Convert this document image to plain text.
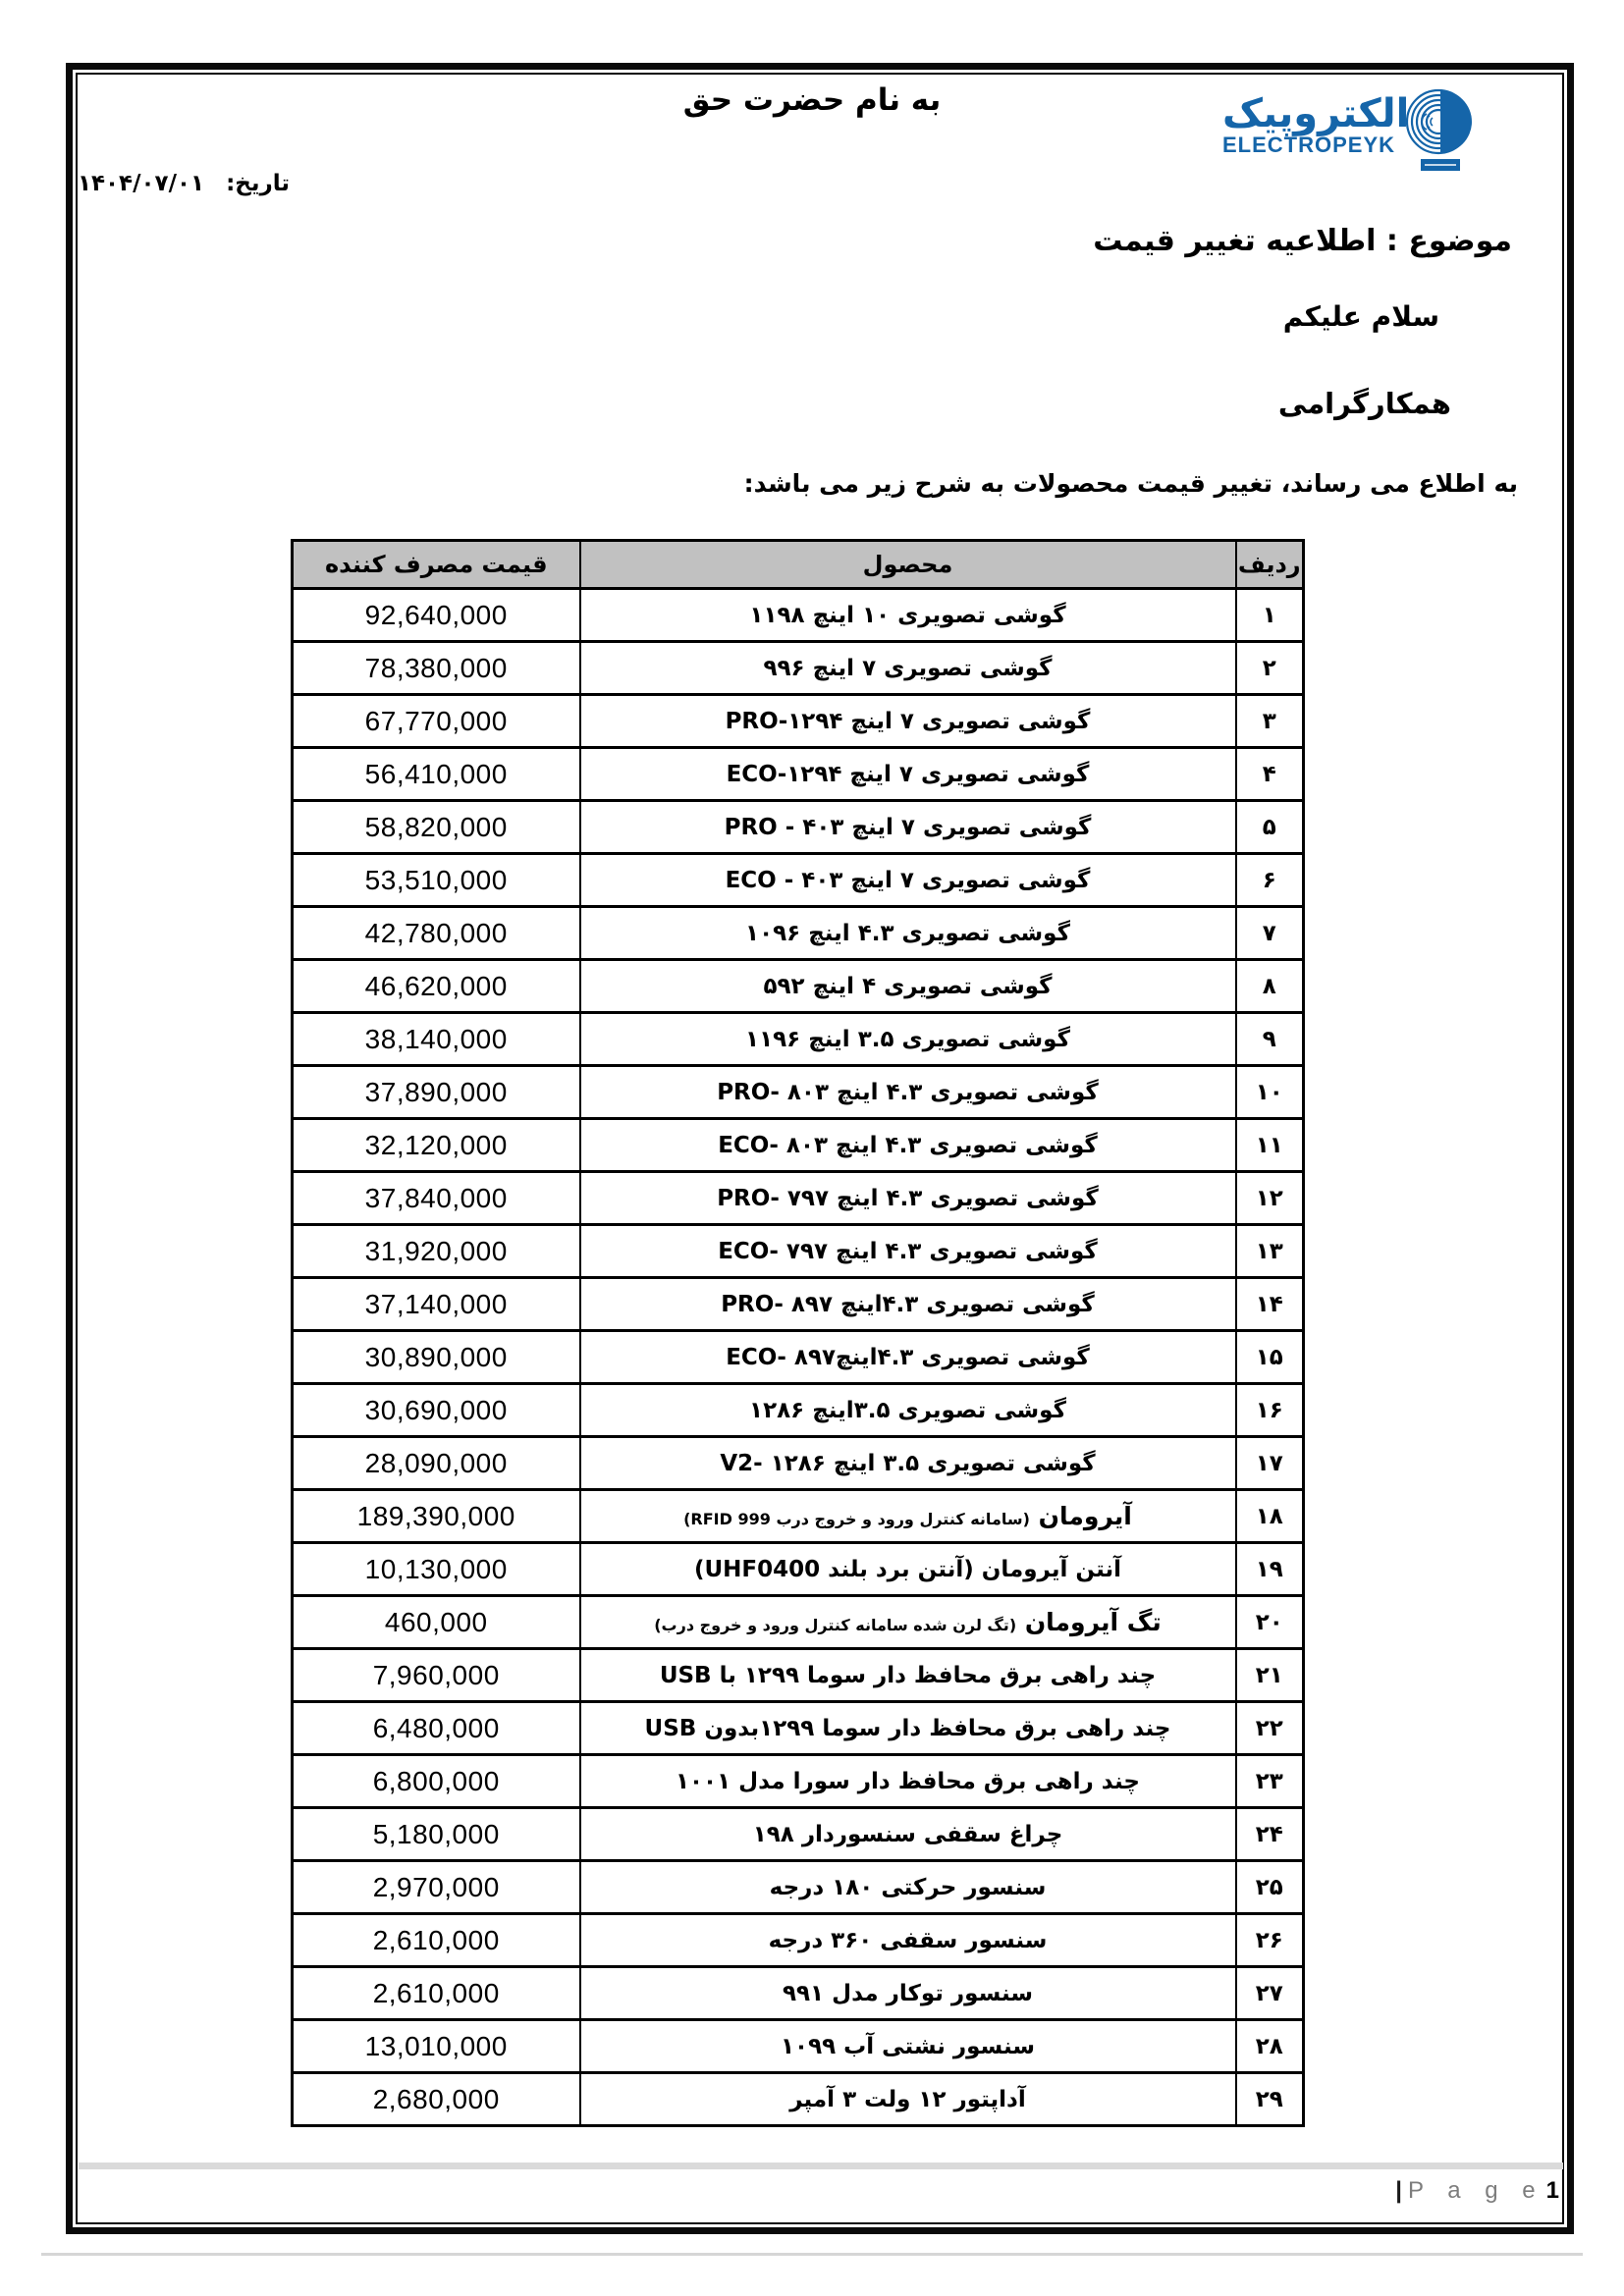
به نام حضرت حق	الکتروپیک
ELECTROPEYK
تاریخ: ۱۴۰۴/۰۷/۰۱
موضوع : اطلاعیه تغییر قیمت
سلام علیکم
همکارگرامی
به اطلاع می رساند، تغییر قیمت محصولات به شرح زیر می باشد:
ردیف	محصول	قیمت مصرف کننده
۱	گوشی تصویری ۱۰ اینچ ۱۱۹۸	92,640,000
۲	گوشی تصویری ۷ اینچ ۹۹۶	78,380,000
۳	گوشی تصویری ۷ اینچ ۱۲۹۴-PRO	67,770,000
۴	گوشی تصویری ۷ اینچ ۱۲۹۴-ECO	56,410,000
۵	گوشی تصویری ۷ اینچ ۴۰۳ - PRO	58,820,000
۶	گوشی تصویری ۷ اینچ ۴۰۳ - ECO	53,510,000
۷	گوشی تصویری ۴.۳ اینچ ۱۰۹۶	42,780,000
۸	گوشی تصویری ۴ اینچ ۵۹۲	46,620,000
۹	گوشی تصویری ۳.۵ اینچ ۱۱۹۶	38,140,000
۱۰	گوشی تصویری ۴.۳ اینچ ۸۰۳ -PRO	37,890,000
۱۱	گوشی تصویری ۴.۳ اینچ ۸۰۳ -ECO	32,120,000
۱۲	گوشی تصویری ۴.۳ اینچ ۷۹۷ -PRO	37,840,000
۱۳	گوشی تصویری ۴.۳ اینچ ۷۹۷ -ECO	31,920,000
۱۴	گوشی تصویری ۴.۳اینچ ۸۹۷ -PRO	37,140,000
۱۵	گوشی تصویری ۴.۳اینچ۸۹۷ -ECO	30,890,000
۱۶	گوشی تصویری ۳.۵اینچ ۱۲۸۶	30,690,000
۱۷	گوشی تصویری ۳.۵ اینچ ۱۲۸۶ -V2	28,090,000
۱۸	آیرومان (سامانه کنترل ورود و خروج درب RFID 999)	189,390,000
۱۹	آنتن آیرومان (آنتن برد بلند UHF0400)	10,130,000
۲۰	تگ آیرومان (تگ لرن شده سامانه کنترل ورود و خروج درب)	460,000
۲۱	چند راهی برق محافظ دار سوما ۱۲۹۹ با USB	7,960,000
۲۲	چند راهی برق محافظ دار سوما ۱۲۹۹بدون USB	6,480,000
۲۳	چند راهی برق محافظ دار سورا مدل ۱۰۰۱	6,800,000
۲۴	چراغ سقفی سنسوردار ۱۹۸	5,180,000
۲۵	سنسور حرکتی ۱۸۰ درجه	2,970,000
۲۶	سنسور سقفی ۳۶۰ درجه	2,610,000
۲۷	سنسور توکار مدل ۹۹۱	2,610,000
۲۸	سنسور نشتی آب ۱۰۹۹	13,010,000
۲۹	آداپتور ۱۲ ولت ۳ آمپر	2,680,000
| P a g e1
